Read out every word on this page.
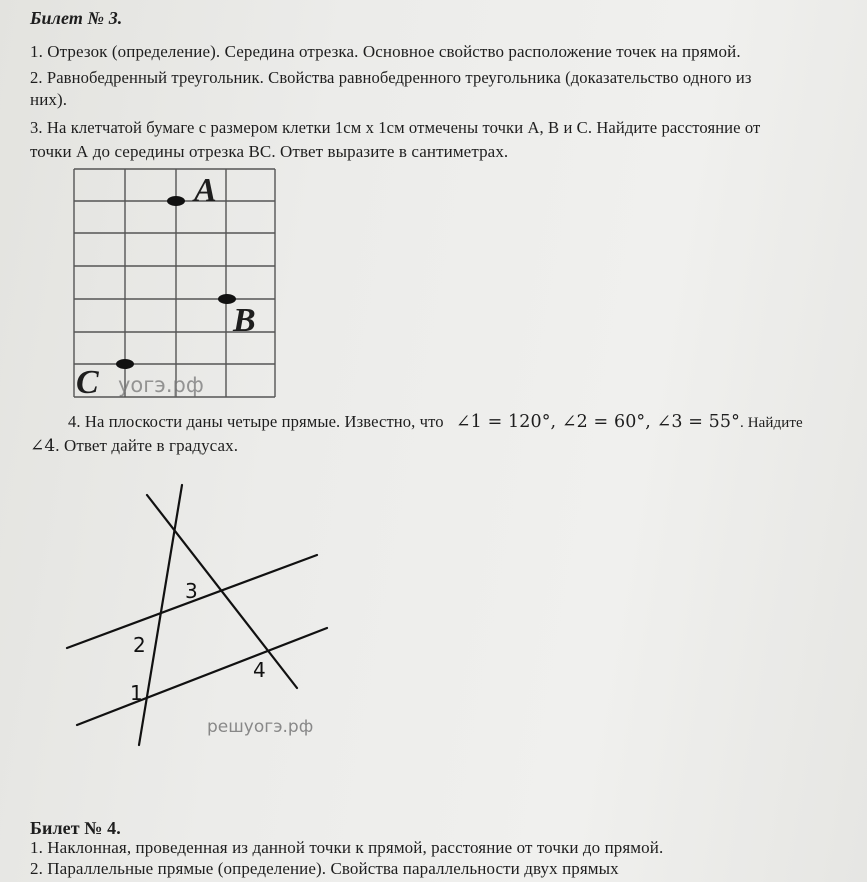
Билет № 3.
1. Отрезок (определение). Середина отрезка. Основное свойство расположение точек на прямой.
2. Равнобедренный треугольник. Свойства равнобедренного треугольника (доказательство одного из
них).
3. На клетчатой бумаге с размером клетки 1см х 1см отмечены точки А, В и С. Найдите расстояние от
точки А до середины отрезка ВС. Ответ выразите в сантиметрах.
A
B
C уогэ.рф
4. На плоскости даны четыре прямые. Известно, что ∠1 = 120°, ∠2 = 60°, ∠3 = 55°. Найдите
∠4. Ответ дайте в градусах.
1
2
3
4
решуогэ.рф
Билет № 4.
1. Наклонная, проведенная из данной точки к прямой, расстояние от точки до прямой.
2. Параллельные прямые (определение). Свойства параллельности двух прямых
